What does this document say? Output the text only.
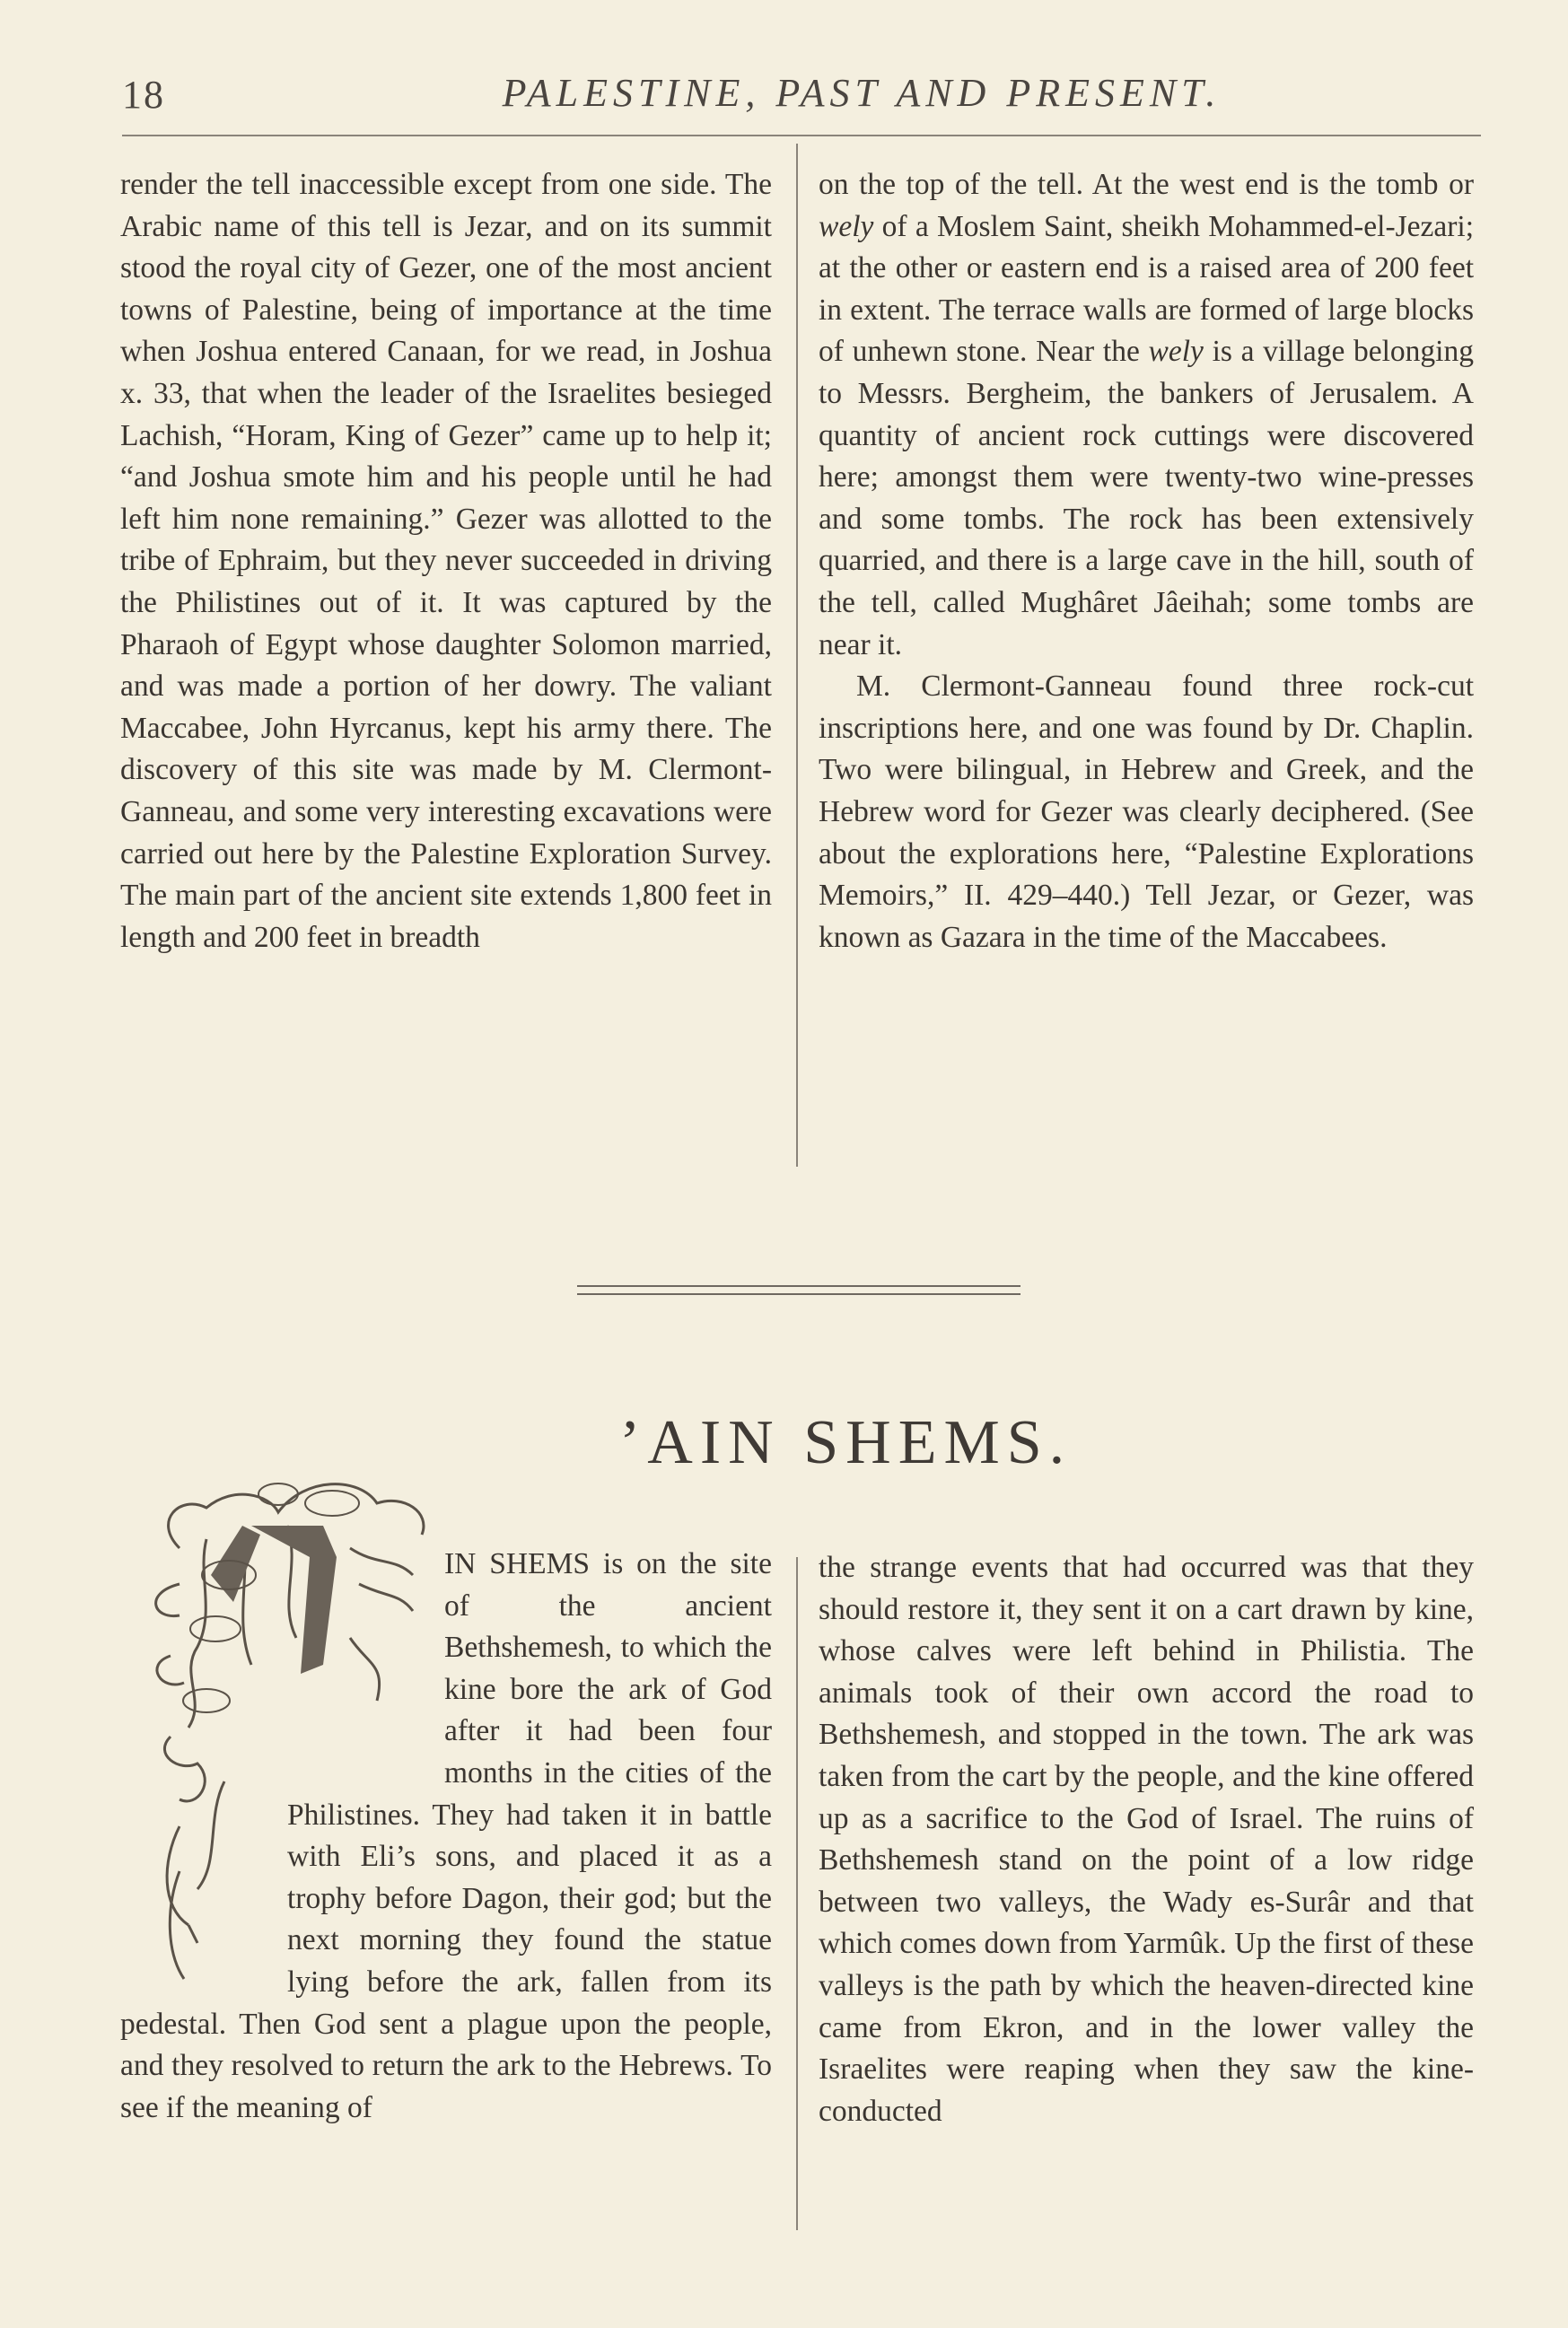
18	PALESTINE, PAST AND PRESENT.

render the tell inaccessible except from one side. The Arabic name of this tell is Jezar, and on its summit stood the royal city of Gezer, one of the most ancient towns of Palestine, being of importance at the time when Joshua entered Canaan, for we read, in Joshua x. 33, that when the leader of the Israelites besieged Lachish, “Horam, King of Gezer” came up to help it; “and Joshua smote him and his people until he had left him none remaining.” Gezer was allotted to the tribe of Ephraim, but they never succeeded in driving the Philistines out of it. It was captured by the Pharaoh of Egypt whose daughter Solomon married, and was made a portion of her dowry. The valiant Maccabee, John Hyrcanus, kept his army there. The discovery of this site was made by M. Clermont-Ganneau, and some very interesting excavations were carried out here by the Palestine Exploration Survey. The main part of the ancient site extends 1,800 feet in length and 200 feet in breadth

on the top of the tell. At the west end is the tomb or wely of a Moslem Saint, sheikh Mohammed-el-Jezari; at the other or eastern end is a raised area of 200 feet in extent. The terrace walls are formed of large blocks of unhewn stone. Near the wely is a village belonging to Messrs. Bergheim, the bankers of Jerusalem. A quantity of ancient rock cuttings were discovered here; amongst them were twenty-two wine-presses and some tombs. The rock has been extensively quarried, and there is a large cave in the hill, south of the tell, called Mughâret Jâeihah; some tombs are near it.

M. Clermont-Ganneau found three rock-cut inscriptions here, and one was found by Dr. Chaplin. Two were bilingual, in Hebrew and Greek, and the Hebrew word for Gezer was clearly deciphered. (See about the explorations here, “Palestine Explorations Memoirs,” II. 429–440.) Tell Jezar, or Gezer, was known as Gazara in the time of the Maccabees.

’AIN SHEMS.

IN SHEMS is on the site of the ancient Bethshemesh, to which the kine bore the ark of God after it had been four months in the cities of the Philistines. They had taken it in battle with Eli’s sons, and placed it as a trophy before Dagon, their god; but the next morning they found the statue lying before the ark, fallen from its pedestal. Then God sent a plague upon the people, and they resolved to return the ark to the Hebrews. To see if the meaning of

the strange events that had occurred was that they should restore it, they sent it on a cart drawn by kine, whose calves were left behind in Philistia. The animals took of their own accord the road to Bethshemesh, and stopped in the town. The ark was taken from the cart by the people, and the kine offered up as a sacrifice to the God of Israel. The ruins of Bethshemesh stand on the point of a low ridge between two valleys, the Wady es-Surâr and that which comes down from Yarmûk. Up the first of these valleys is the path by which the heaven-directed kine came from Ekron, and in the lower valley the Israelites were reaping when they saw the kine-conducted
